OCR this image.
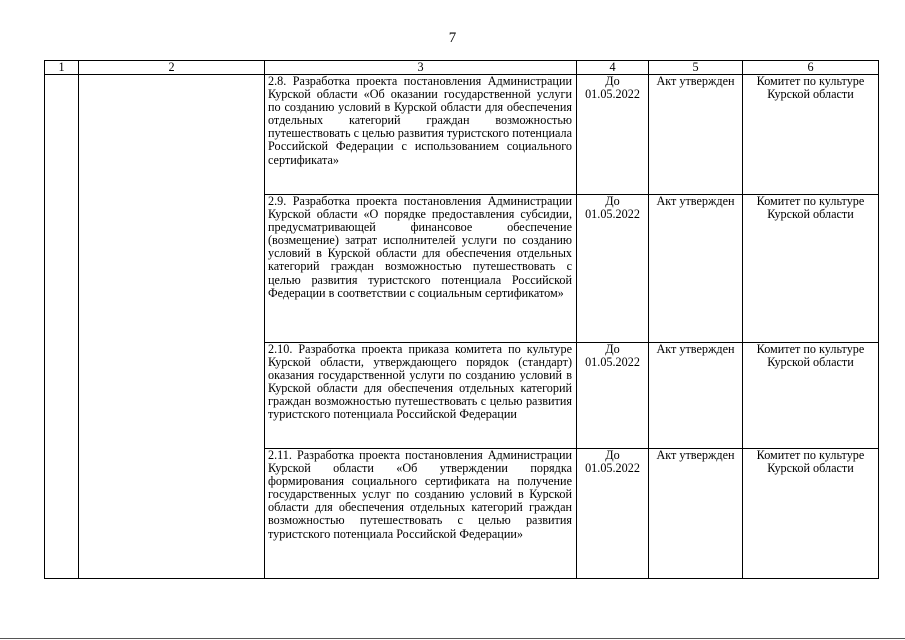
7
1	2	3	4	5	6
		2.8. Разработка проекта постановления Администрации Курской области «Об оказании государственной услуги по созданию условий в Курской области для обеспечения отдельных категорий граждан возможностью путешествовать с целью развития туристского потенциала Российской Федерации с использованием социального сертификата»	До 01.05.2022	Акт утвержден	Комитет по культуре Курской области
		2.9. Разработка проекта постановления Администрации Курской области «О порядке предоставления субсидии, предусматривающей финансовое обеспечение (возмещение) затрат исполнителей услуги по созданию условий в Курской области для обеспечения отдельных категорий граждан возможностью путешествовать с целью развития туристского потенциала Российской Федерации в соответствии с социальным сертификатом»	До 01.05.2022	Акт утвержден	Комитет по культуре Курской области
		2.10. Разработка проекта приказа комитета по культуре Курской области, утверждающего порядок (стандарт) оказания государственной услуги по созданию условий в Курской области для обеспечения отдельных категорий граждан возможностью путешествовать с целью развития туристского потенциала Российской Федерации	До 01.05.2022	Акт утвержден	Комитет по культуре Курской области
		2.11. Разработка проекта постановления Администрации Курской области «Об утверждении порядка формирования социального сертификата на получение государственных услуг по созданию условий в Курской области для обеспечения отдельных категорий граждан возможностью путешествовать с целью развития туристского потенциала Российской Федерации»	До 01.05.2022	Акт утвержден	Комитет по культуре Курской области
